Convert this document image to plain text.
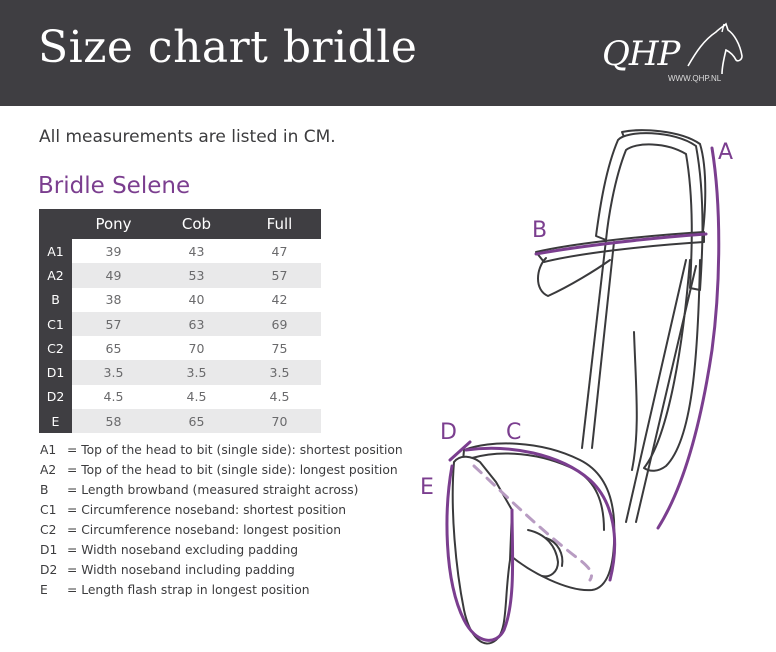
Size chart bridle	QHP
WWW.QHP.NL
All measurements are listed in CM.
Bridle Selene
	Pony	Cob	Full
A1	39	43	47
A2	49	53	57
B	38	40	42
C1	57	63	69
C2	65	70	75
D1	3.5	3.5	3.5
D2	4.5	4.5	4.5
E	58	65	70
A1 = Top of the head to bit (single side): shortest position
A2 = Top of the head to bit (single side): longest position
B = Length browband (measured straight across)
C1 = Circumference noseband: shortest position
C2 = Circumference noseband: longest position
D1 = Width noseband excluding padding
D2 = Width noseband including padding
E = Length flash strap in longest position
A
B
C
D
E
